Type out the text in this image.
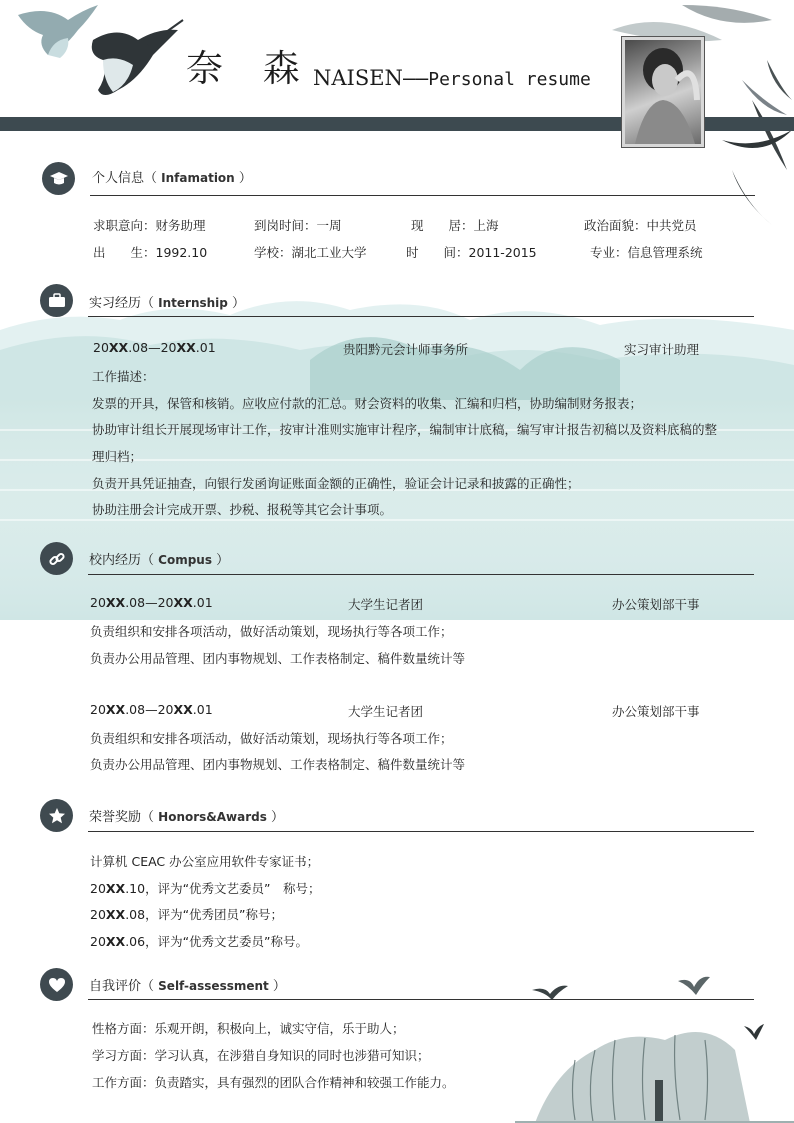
奈 森 NAISEN——Personal resume
个人信息（ Infamation ）
求职意向：财务助理	到岗时间：一周	现　　居：上海	政治面貌：中共党员
出　　生：1992.10	学校：湖北工业大学	时　　间：2011-2015	专业：信息管理系统
实习经历（ Internship ）
20XX.08—20XX.01	贵阳黔元会计师事务所	实习审计助理
工作描述：
发票的开具，保管和核销。应收应付款的汇总。财会资料的收集、汇编和归档，协助编制财务报表；
协助审计组长开展现场审计工作，按审计准则实施审计程序，编制审计底稿，编写审计报告初稿以及资料底稿的整
理归档；
负责开具凭证抽查，向银行发函询证账面金额的正确性，验证会计记录和披露的正确性；
协助注册会计完成开票、抄税、报税等其它会计事项。
校内经历（ Compus ）
20XX.08—20XX.01	大学生记者团	办公策划部干事
负责组织和安排各项活动，做好活动策划，现场执行等各项工作；
负责办公用品管理、团内事物规划、工作表格制定、稿件数量统计等
20XX.08—20XX.01	大学生记者团	办公策划部干事
负责组织和安排各项活动，做好活动策划，现场执行等各项工作；
负责办公用品管理、团内事物规划、工作表格制定、稿件数量统计等
荣誉奖励（ Honors&Awards ）
计算机 CEAC 办公室应用软件专家证书；
20XX.10，评为“优秀文艺委员”　称号；
20XX.08，评为“优秀团员”称号；
20XX.06，评为“优秀文艺委员”称号。
自我评价（ Self-assessment ）
性格方面：乐观开朗，积极向上，诚实守信，乐于助人；
学习方面：学习认真，在涉猎自身知识的同时也涉猎可知识；
工作方面：负责踏实，具有强烈的团队合作精神和较强工作能力。
